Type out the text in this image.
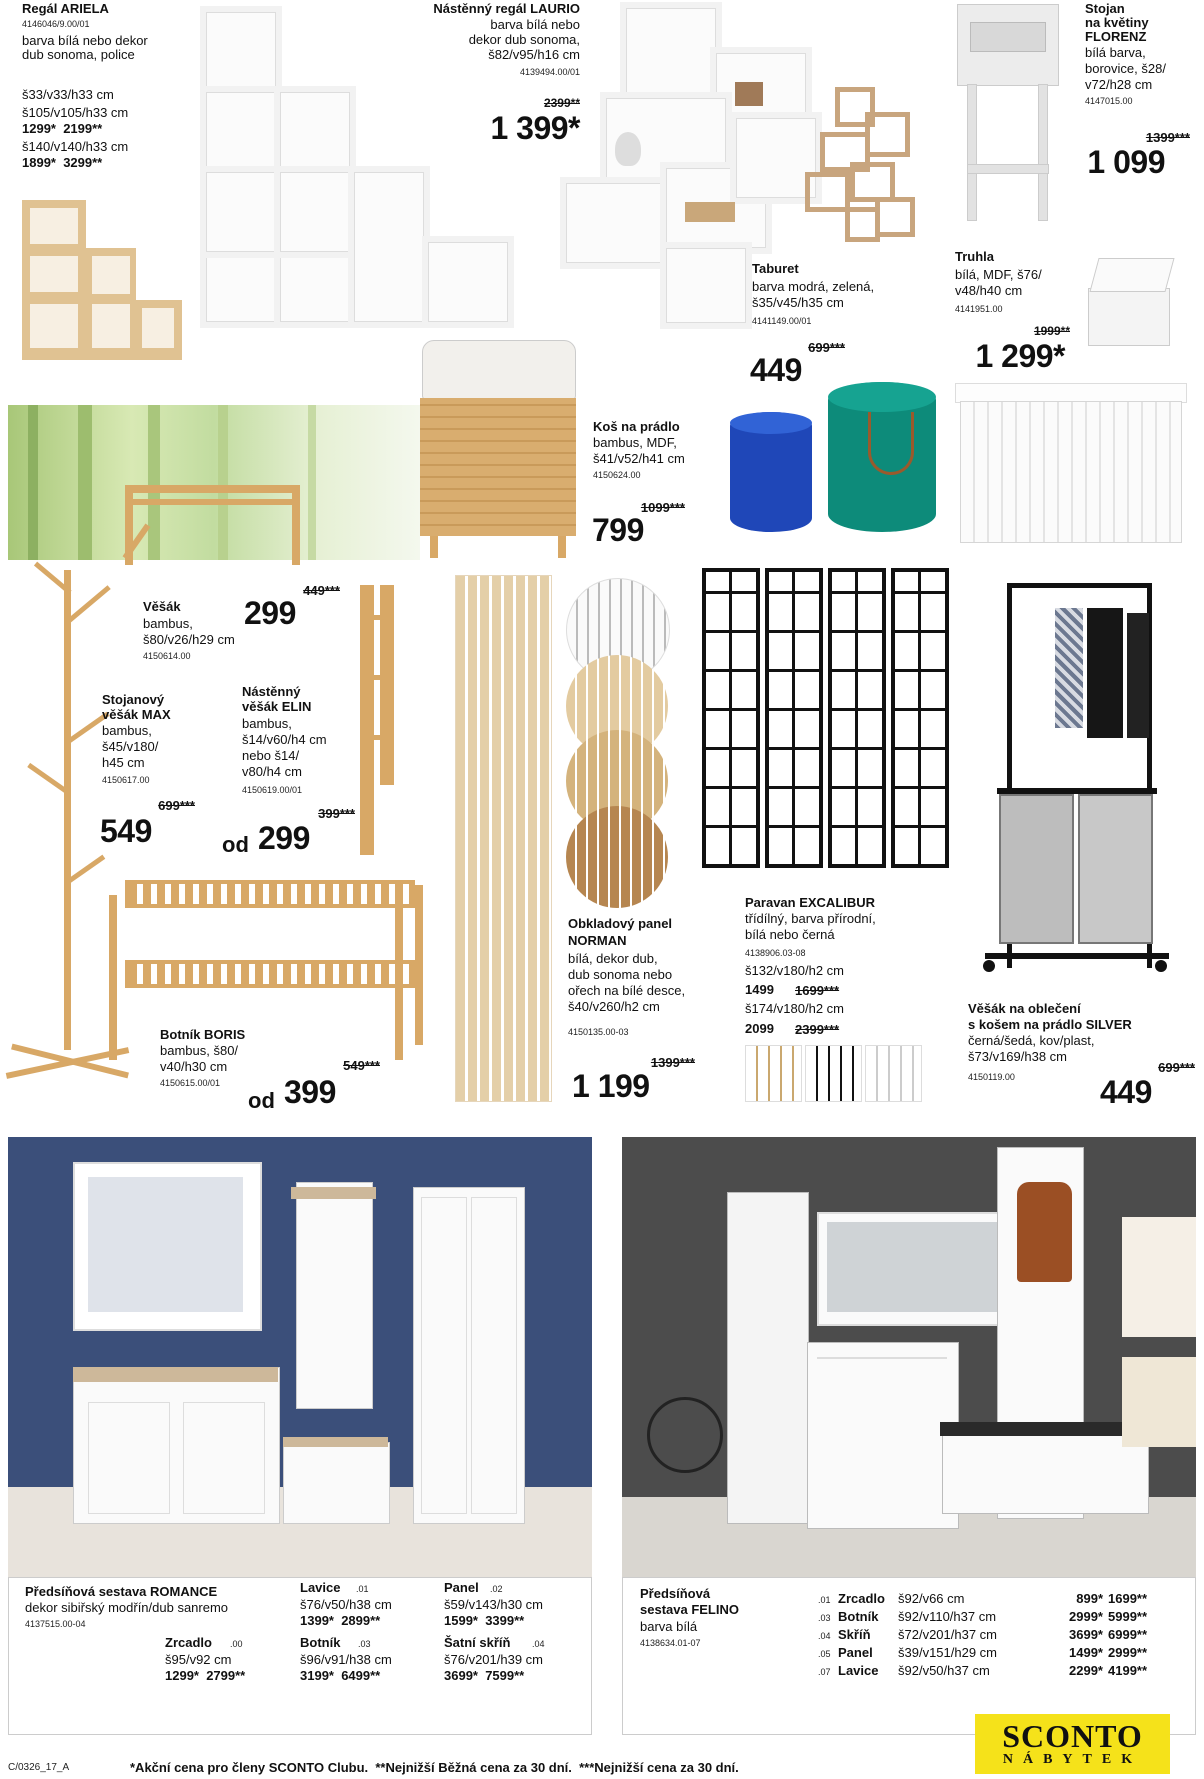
Regál ARIELA
4146046/9.00/01
barva bílá nebo dekor
dub sonoma, police
š33/v33/h33 cm
š105/v105/h33 cm
1299*  2199**
š140/v140/h33 cm
1899*  3299**
Nástěnný regál LAURIO
barva bílá nebo
dekor dub sonoma,
š82/v95/h16 cm
4139494.00/01
2399**
1 399*
Stojan
na květiny
FLORENZ
bílá barva,
borovice, š28/
v72/h28 cm
4147015.00
1399***
1 099
Taburet
barva modrá, zelená,
š35/v45/h35 cm
4141149.00/01
699***
449
Truhla
bílá, MDF, š76/
v48/h40 cm
4141951.00
1999**
1 299*
Koš na prádlo
bambus, MDF,
š41/v52/h41 cm
4150624.00
1099***
799
Věšák
bambus,
š80/v26/h29 cm
4150614.00
449***
299
Stojanový
věšák MAX
bambus,
š45/v180/
h45 cm
4150617.00
699***
549
Nástěnný
věšák ELIN
bambus,
š14/v60/h4 cm
nebo š14/
v80/h4 cm
4150619.00/01
399***
od 299
Botník BORIS
bambus, š80/
v40/h30 cm
4150615.00/01
549***
od 399
Obkladový panel
NORMAN
bílá, dekor dub,
dub sonoma nebo
ořech na bílé desce,
š40/v260/h2 cm
4150135.00-03
1399***
1 199
Paravan EXCALIBUR
třídílný, barva přírodní,
bílá nebo černá
4138906.03-08
š132/v180/h2 cm
1499 1699***
š174/v180/h2 cm
2099 2399***
Věšák na oblečení
s košem na prádlo SILVER
černá/šedá, kov/plast,
š73/v169/h38 cm
4150119.00
699***
449
Předsíňová sestava ROMANCE
dekor sibiřský modřín/dub sanremo
4137515.00-04
Lavice .01
š76/v50/h38 cm
1399*  2899**
Panel .02
š59/v143/h30 cm
1599*  3399**
Zrcadlo .00
š95/v92 cm
1299*  2799**
Botník .03
š96/v91/h38 cm
3199*  6499**
Šatní skříň .04
š76/v201/h39 cm
3699*  7599**
Předsíňová
sestava FELINO
barva bílá
4138634.01-07
.01 Zrcadlo š92/v66 cm	899* 1699**
.03 Botník š92/v110/h37 cm	2999* 5999**
.04 Skříň š72/v201/h37 cm	3699* 6999**
.05 Panel š39/v151/h29 cm	1499* 2999**
.07 Lavice š92/v50/h37 cm	2299* 4199**
C/0326_17_A	*Akční cena pro členy SCONTO Clubu.  **Nejnižší Běžná cena za 30 dní.  ***Nejnižší cena za 30 dní.
SCONTO
NÁBYTEK
